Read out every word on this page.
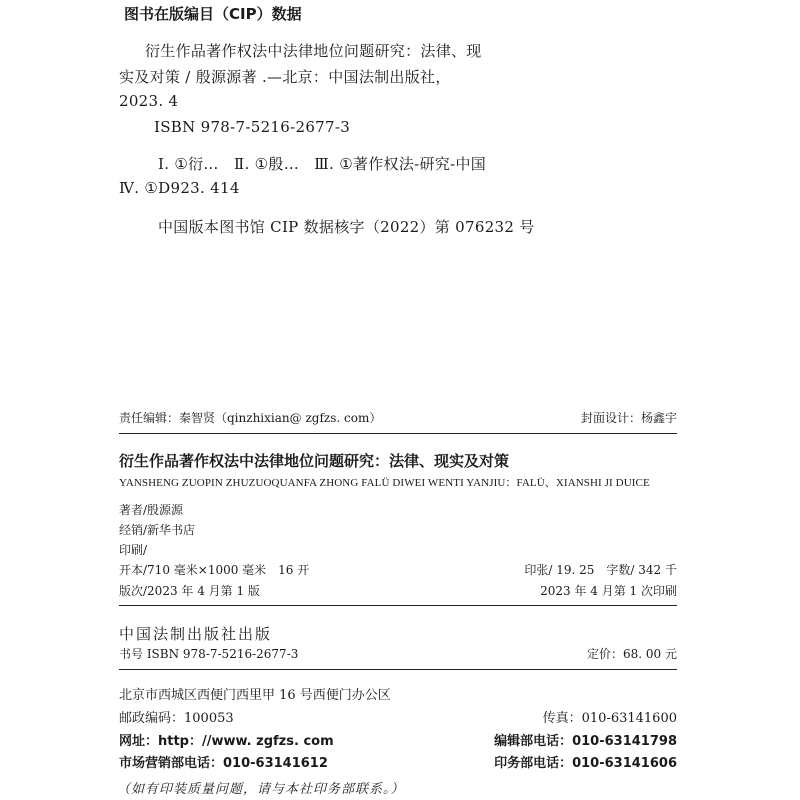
图书在版编目（CIP）数据
衍生作品著作权法中法律地位问题研究：法律、现
实及对策 / 殷源源著 .—北京：中国法制出版社，
2023. 4
ISBN 978-7-5216-2677-3
Ⅰ. ①衍…　Ⅱ. ①殷…　Ⅲ. ①著作权法-研究-中国
Ⅳ. ①D923. 414
中国版本图书馆 CIP 数据核字（2022）第 076232 号
责任编辑：秦智贤（qinzhixian@ zgfzs. com）	封面设计：杨鑫宇
衍生作品著作权法中法律地位问题研究：法律、现实及对策
YANSHENG ZUOPIN ZHUZUOQUANFA ZHONG FALÜ DIWEI WENTI YANJIU：FALÜ、XIANSHI JI DUICE
著者/殷源源
经销/新华书店
印刷/
开本/710 毫米×1000 毫米　16 开	印张/ 19. 25　字数/ 342 千
版次/2023 年 4 月第 1 版	2023 年 4 月第 1 次印刷
中国法制出版社出版
书号 ISBN 978-7-5216-2677-3	定价：68. 00 元
北京市西城区西便门西里甲 16 号西便门办公区
邮政编码：100053	传真：010-63141600
网址：http：//www. zgfzs. com	编辑部电话：010-63141798
市场营销部电话：010-63141612	印务部电话：010-63141606
（如有印装质量问题，请与本社印务部联系。）
